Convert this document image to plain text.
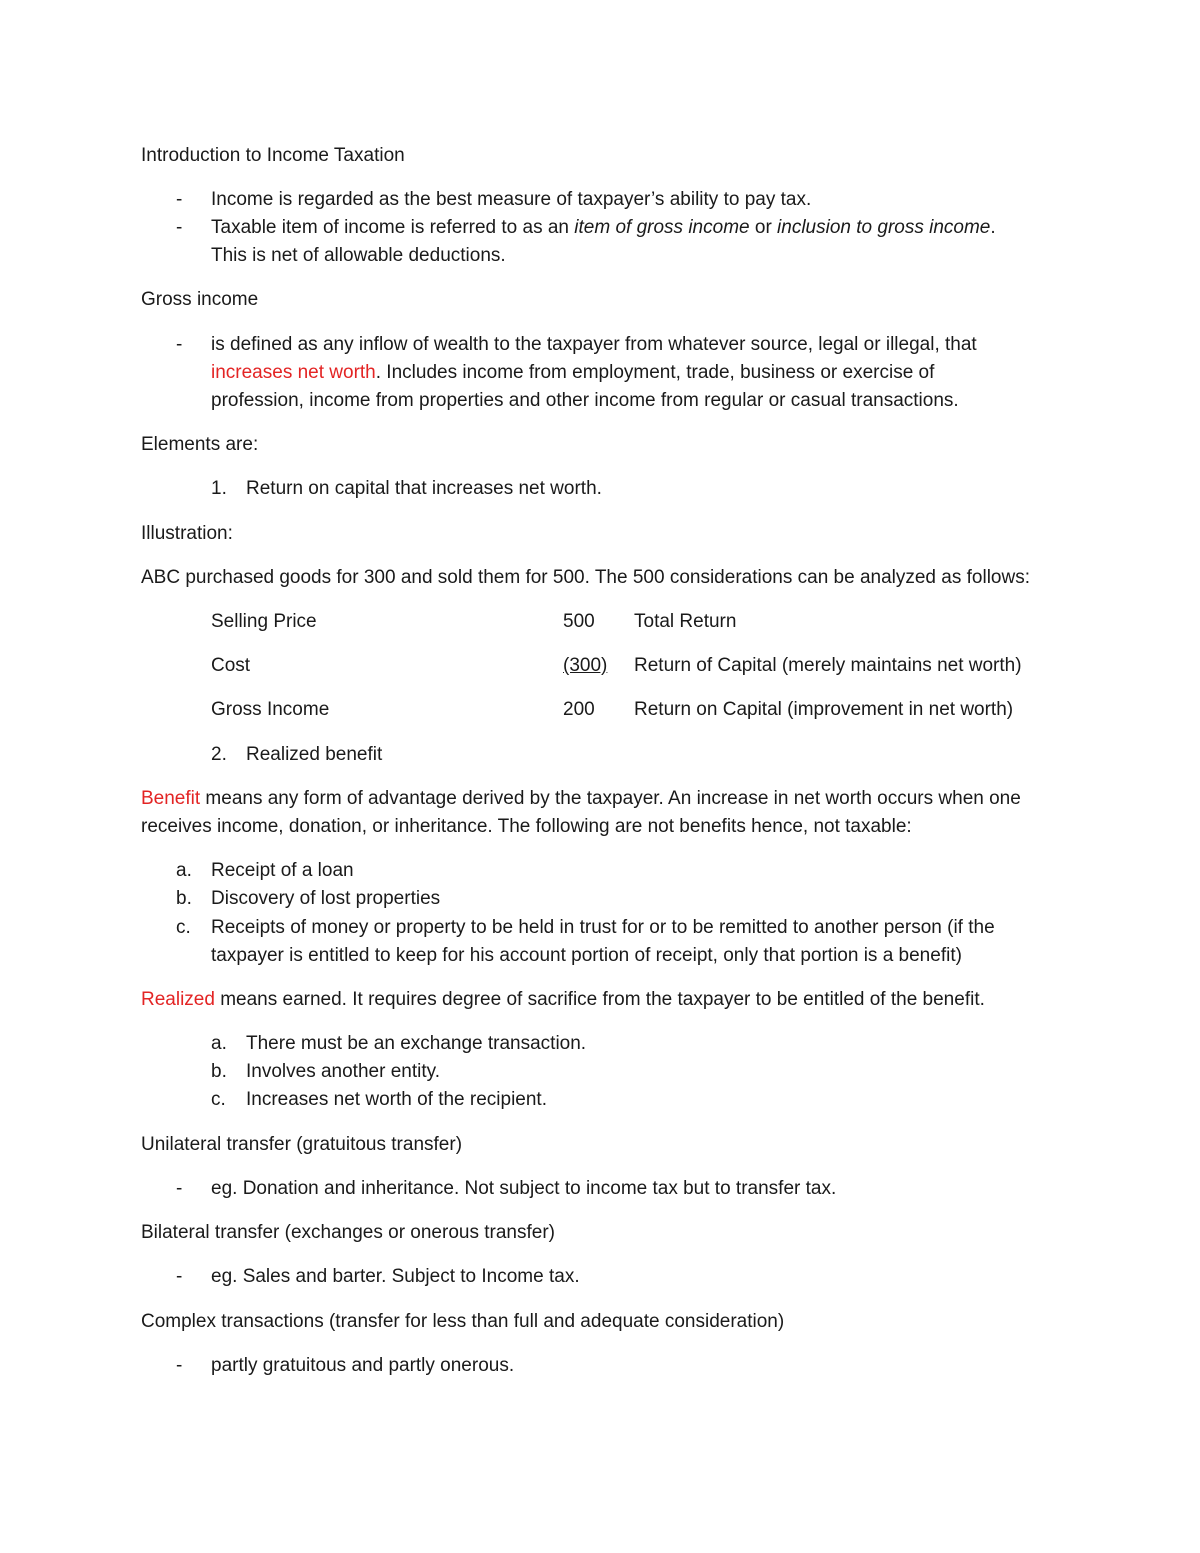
Introduction to Income Taxation
- Income is regarded as the best measure of taxpayer’s ability to pay tax.
- Taxable item of income is referred to as an item of gross income or inclusion to gross income.
This is net of allowable deductions.
Gross income
- is defined as any inflow of wealth to the taxpayer from whatever source, legal or illegal, that
increases net worth. Includes income from employment, trade, business or exercise of
profession, income from properties and other income from regular or casual transactions.
Elements are:
1. Return on capital that increases net worth.
Illustration:
ABC purchased goods for 300 and sold them for 500. The 500 considerations can be analyzed as follows:
Selling Price	500 Total Return
Cost	(300) Return of Capital (merely maintains net worth)
Gross Income	200 Return on Capital (improvement in net worth)
2. Realized benefit
Benefit means any form of advantage derived by the taxpayer. An increase in net worth occurs when one
receives income, donation, or inheritance. The following are not benefits hence, not taxable:
a. Receipt of a loan
b. Discovery of lost properties
c. Receipts of money or property to be held in trust for or to be remitted to another person (if the
taxpayer is entitled to keep for his account portion of receipt, only that portion is a benefit)
Realized means earned. It requires degree of sacrifice from the taxpayer to be entitled of the benefit.
a. There must be an exchange transaction.
b. Involves another entity.
c. Increases net worth of the recipient.
Unilateral transfer (gratuitous transfer)
- eg. Donation and inheritance. Not subject to income tax but to transfer tax.
Bilateral transfer (exchanges or onerous transfer)
- eg. Sales and barter. Subject to Income tax.
Complex transactions (transfer for less than full and adequate consideration)
- partly gratuitous and partly onerous.
